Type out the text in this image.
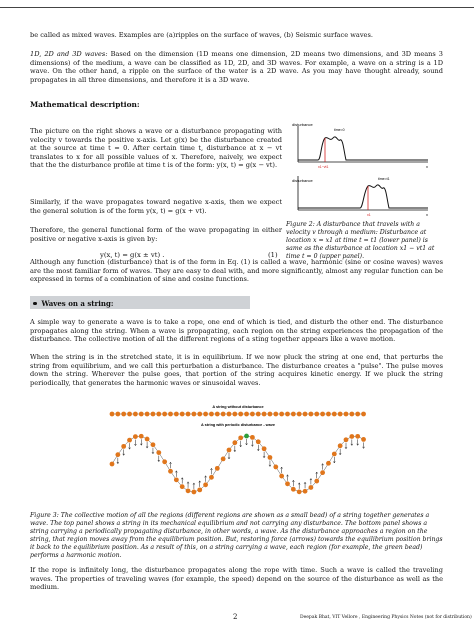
be called as mixed waves. Examples are (a)ripples on the surface of waves, (b) Seismic surface waves.
1D, 2D and 3D waves: Based on the dimension (1D means one dimension, 2D means two dimensions, and 3D means 3 dimensions) of the medium, a wave can be classified as 1D, 2D, and 3D waves. For example, a wave on a string is a 1D wave. On the other hand, a ripple on the surface of the water is a 2D wave. As you may have thought already, sound propagates in all three dimensions, and therefore it is a 3D wave.
Mathematical description:
The picture on the right shows a wave or a disturbance propagating with velocity v towards the positive x-axis. Let g(x) be the disturbance created at the source at time t = 0. After certain time t, disturbance at x − vt translates to x for all possible values of x. Therefore, naively, we expect that the the disturbance profile at time t is of the form: y(x, t) = g(x − vt).
Similarly, if the wave propagates toward negative x-axis, then we expect the general solution is of the form y(x, t) = g(x + vt).
Therefore, the general functional form of the wave propagating in either positive or negative x-axis is given by:
y(x, t) = g(x ± vt) .	(1)
disturbance
time=0
x1−vt1	x
disturbance	time=t1
x1	x
Figure 2: A disturbance that travels with a velocity v through a medium: Disturbance at location x = x1 at time t = t1 (lower panel) is same as the disturbance at location x1 − vt1 at time t = 0 (upper panel).
Although any function (disturbance) that is of the form in Eq. (1) is called a wave, harmonic (sine or cosine waves) waves are the most familiar form of waves. They are easy to deal with, and more significantly, almost any regular function can be expressed in terms of a combination of sine and cosine functions.
Waves on a string:
A simple way to generate a wave is to take a rope, one end of which is tied, and disturb the other end. The disturbance propagates along the string. When a wave is propagating, each region on the string experiences the propagation of the disturbance. The collective motion of all the different regions of a sting together appears like a wave motion.
When the string is in the stretched state, it is in equilibrium. If we now pluck the string at one end, that perturbs the string from equilibrium, and we call this perturbation a disturbance. The disturbance creates a "pulse". The pulse moves down the string. Wherever the pulse goes, that portion of the string acquires kinetic energy. If we pluck the string periodically, that generates the harmonic waves or sinusoidal waves.
A string without disturbance
A string with periodic disturbance - wave
Figure 3: The collective motion of all the regions (different regions are shown as a small bead) of a string together generates a wave. The top panel shows a string in its mechanical equilibrium and not carrying any disturbance. The bottom panel shows a string carrying a periodically propagating disturbance, in other words, a wave. As the disturbance approaches a region on the string, that region moves away from the equilibrium position. But, restoring force (arrows) towards the equilibrium position brings it back to the equilibrium position. As a result of this, on a string carrying a wave, each region (for example, the green bead) performs a harmonic motion.
If the rope is infinitely long, the disturbance propagates along the rope with time. Such a wave is called the traveling waves. The properties of traveling waves (for example, the speed) depend on the source of the disturbance as well as the medium.
2	Deepak Bhat, VIT Vellore , Engineering Physics Notes (not for distribution)
